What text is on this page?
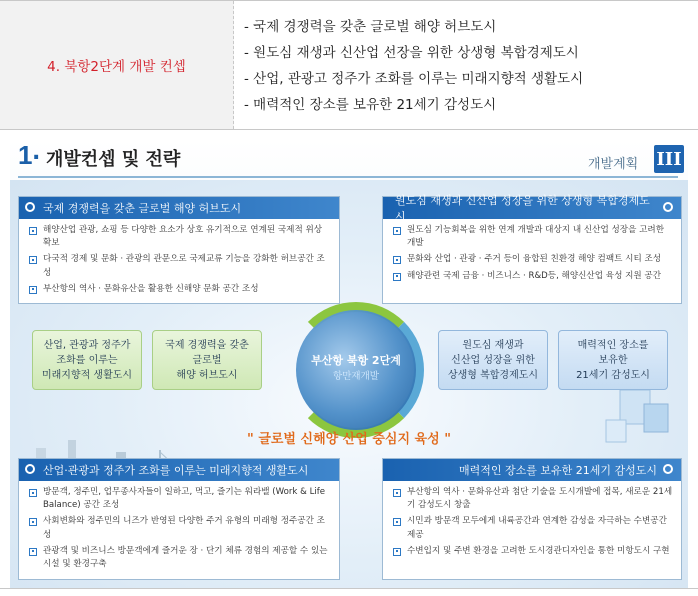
4. 북항2단계 개발 컨셉
- 국제 경쟁력을 갖춘 글로벌 해양 허브도시
- 원도심 재생과 신산업 선장을 위한 상생형 복합경제도시
- 산업, 관광고 정주가 조화를 이루는 미래지향적 생활도시
- 매력적인 장소를 보유한 21세기 감성도시
1 . 개발컨셉 및 전략	개발계획 III
국제 경쟁력을 갖춘 글로벌 해양 허브도시
해양산업 관광, 쇼핑 등 다양한 요소가 상호 유기적으로 연계된 국제적 위상 확보
다국적 경제 및 문화 · 관광의 관문으로 국제교류 기능을 강화한 허브공간 조성
부산항의 역사 · 문화유산을 활용한 신해양 문화 공간 조성
원도심 재생과 신산업 성장을 위한 상생형 복합경제도시
원도심 기능회복을 위한 연계 개발과 대상지 내 신산업 성장을 고려한 개발
문화와 산업 · 관광 · 주거 등이 융합된 친환경 해양 컴팩트 시티 조성
해양관련 국제 금융 · 비즈니스 · R&D등, 해양신산업 육성 지원 공간
산업, 관광과 정주가
조화를 이루는
미래지향적 생활도시
국제 경쟁력을 갖춘
글로벌
해양 허브도시
원도심 재생과
신산업 성장을 위한
상생형 복합경제도시
매력적인 장소를
보유한
21세기 감성도시
부산항 북항 2단계
항만재개발
" 글로벌 신해양 산업 중심지 육성 "
산업·관광과 정주가 조화를 이루는 미래지향적 생활도시
방문객, 정주민, 업무종사자들이 일하고, 먹고, 즐기는 워라밸 (Work & Life Balance) 공간 조성
사회변화와 정주민의 니즈가 반영된 다양한 주거 유형의 미래형 정주공간 조성
관광객 및 비즈니스 방문객에게 즐거운 장 · 단기 체류 경험의 제공할 수 있는 시설 및 환경구축
매력적인 장소를 보유한 21세기 감성도시
부산항의 역사 · 문화유산과 첨단 기술을 도시개발에 접목, 새로운 21세기 감성도시 창출
시민과 방문객 모두에게 내륙공간과 연계한 감성을 자극하는 수변공간 제공
수변입지 및 주변 환경을 고려한 도시경관디자인을 통한 미항도시 구현
